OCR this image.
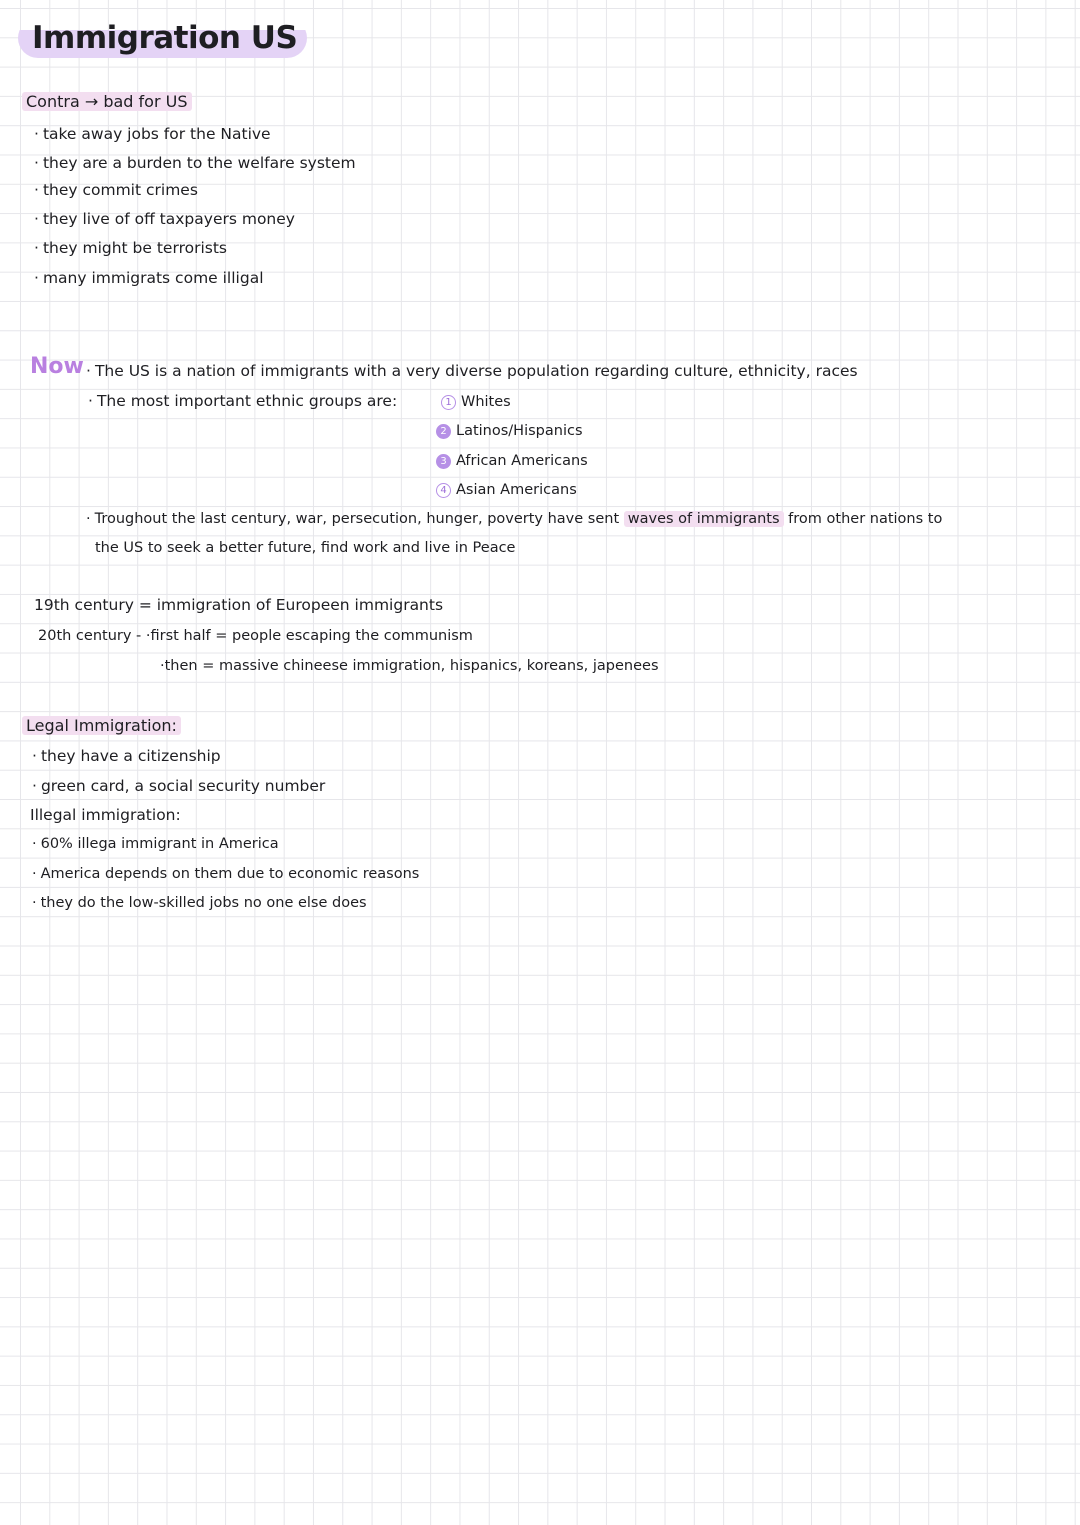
Immigration US
Contra → bad for US
· take away jobs for the Native
· they are a burden to the welfare system
· they commit crimes
· they live of off taxpayers money
· they might be terrorists
· many immigrats come illigal
Now · The US is a nation of immigrants with a very diverse population regarding culture, ethnicity, races
· The most important ethnic groups are:	1 Whites
2 Latinos/Hispanics
3 African Americans
4 Asian Americans
· Troughout the last century, war, persecution, hunger, poverty have sent waves of immigrants from other nations to
the US to seek a better future, find work and live in Peace
19th century = immigration of Europeen immigrants
20th century - ·first half = people escaping the communism
·then = massive chineese immigration, hispanics, koreans, japenees
Legal Immigration:
· they have a citizenship
· green card, a social security number
Illegal immigration:
· 60% illega immigrant in America
· America depends on them due to economic reasons
· they do the low-skilled jobs no one else does
